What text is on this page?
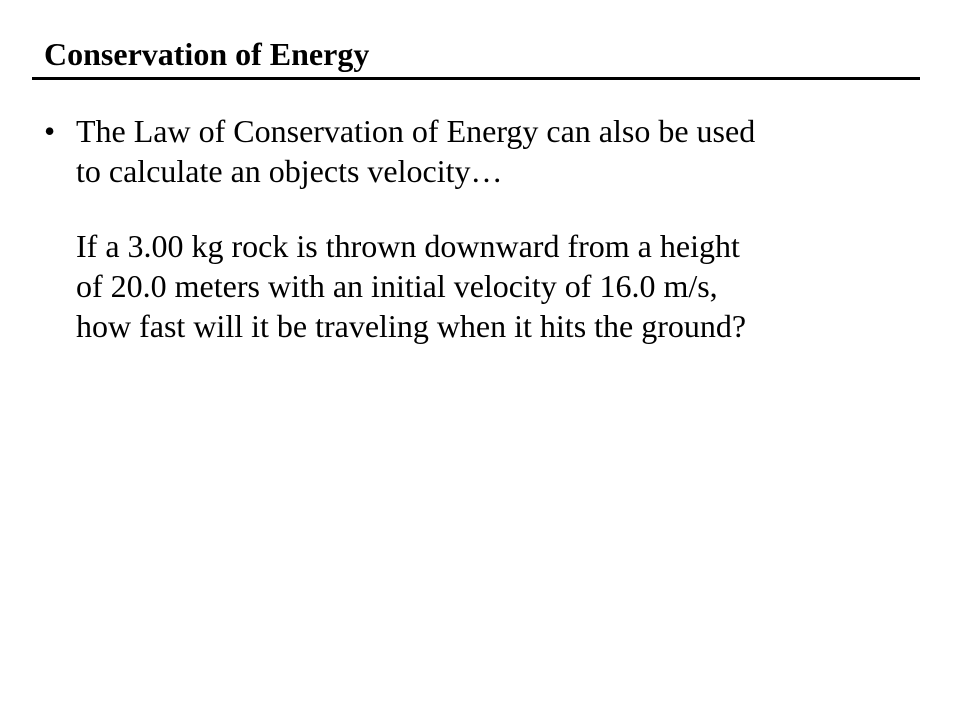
Conservation of Energy
• The Law of Conservation of Energy can also be used
to calculate an objects velocity…
If a 3.00 kg rock is thrown downward from a height
of 20.0 meters with an initial velocity of 16.0 m/s,
how fast will it be traveling when it hits the ground?
